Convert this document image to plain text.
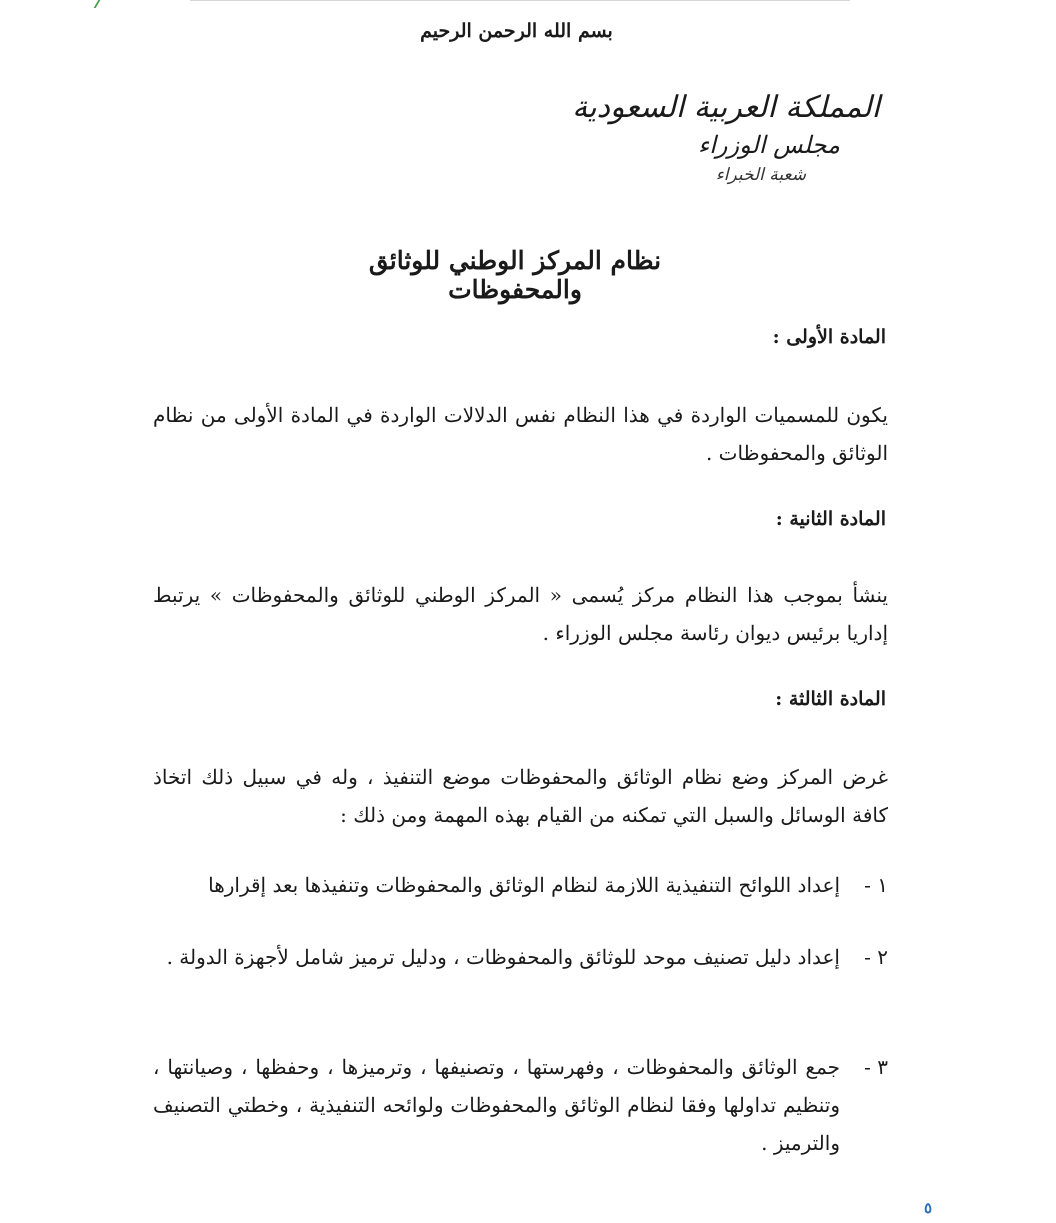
بسم الله الرحمن الرحيم
المملكة العربية السعودية
مجلس الوزراء
شعبة الخبراء
نظام المركز الوطني للوثائق والمحفوظات
المادة الأولى :
يكون للمسميات الواردة في هذا النظام نفس الدلالات الواردة في المادة الأولى من نظام الوثائق والمحفوظات .
المادة الثانية :
ينشأ بموجب هذا النظام مركز يُسمى « المركز الوطني للوثائق والمحفوظات » يرتبط إداريا برئيس ديوان رئاسة مجلس الوزراء .
المادة الثالثة :
غرض المركز وضع نظام الوثائق والمحفوظات موضع التنفيذ ، وله في سبيل ذلك اتخاذ كافة الوسائل والسبل التي تمكنه من القيام بهذه المهمة ومن ذلك :
١ -
إعداد اللوائح التنفيذية اللازمة لنظام الوثائق والمحفوظات وتنفيذها بعد إقرارها
٢ -
إعداد دليل تصنيف موحد للوثائق والمحفوظات ، ودليل ترميز شامل لأجهزة الدولة .
٣ -
جمع الوثائق والمحفوظات ، وفهرستها ، وتصنيفها ، وترميزها ، وحفظها ، وصيانتها ، وتنظيم تداولها وفقا لنظام الوثائق والمحفوظات ولوائحه التنفيذية ، وخطتي التصنيف والترميز .
٥
